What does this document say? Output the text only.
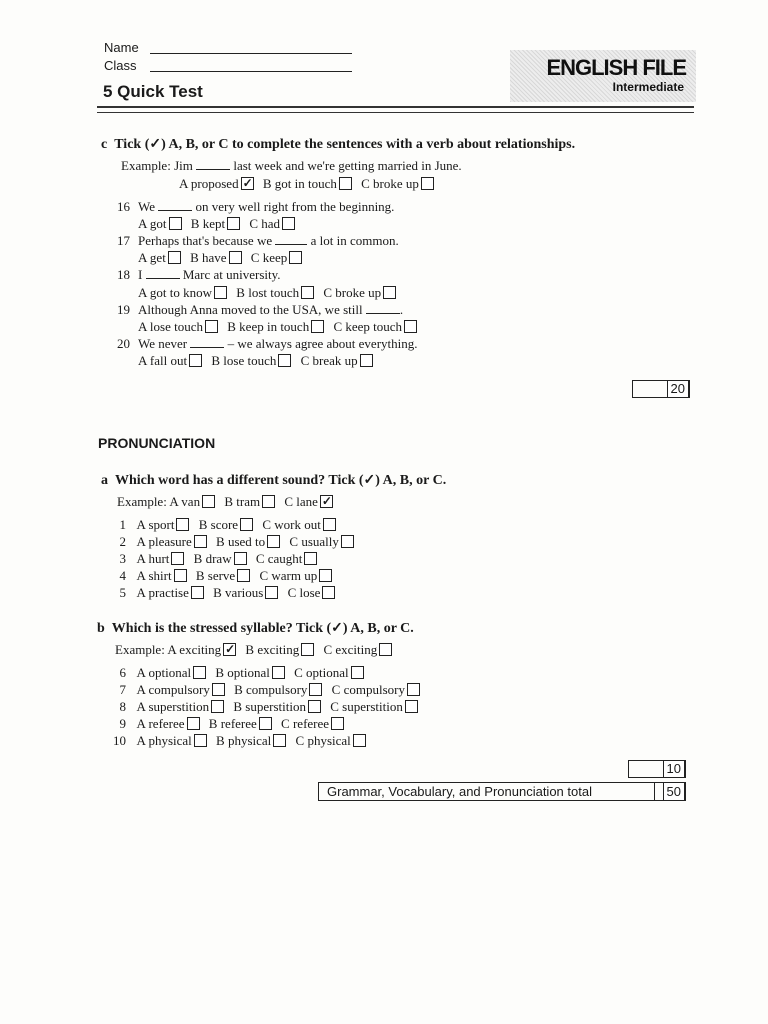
Name
Class
5 Quick Test
ENGLISH FILE
Intermediate
c Tick (✓) A, B, or C to complete the sentences with a verb about relationships.
Example: Jim	last week and we're getting married in June.
A proposed ✓ B got in touch C broke up
16 We	on very well right from the beginning.
A got B kept C had
17 Perhaps that's because we	a lot in common.
A get B have C keep
18 I	Marc at university.
A got to know B lost touch C broke up
19 Although Anna moved to the USA, we still	.
A lose touch B keep in touch C keep touch
20 We never	– we always agree about everything.
A fall out B lose touch C break up
20
PRONUNCIATION
a Which word has a different sound? Tick (✓) A, B, or C.
Example: A van B tram C lane✓
1 A sport B score C work out
2 A pleasure B used to C usually
3 A hurt B draw C caught
4 A shirt B serve C warm up
5 A practise B various C lose
b Which is the stressed syllable? Tick (✓) A, B, or C.
Example: A exciting ✓ B exciting C exciting
6 A optional B optional C optional
7 A compulsory B compulsory C compulsory
8 A superstition B superstition C superstition
9 A referee B referee C referee
10 A physical B physical C physical
10
Grammar, Vocabulary, and Pronunciation total	50
